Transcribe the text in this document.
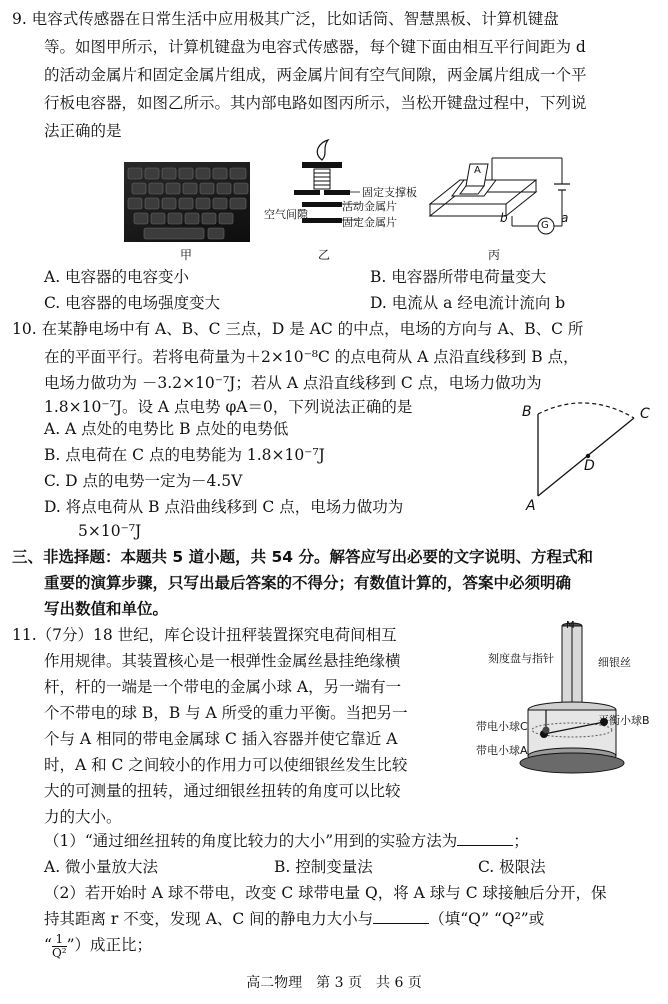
9. 电容式传感器在日常生活中应用极其广泛，比如话筒、智慧黑板、计算机键盘
等。如图甲所示，计算机键盘为电容式传感器，每个键下面由相互平行间距为 d
的活动金属片和固定金属片组成，两金属片间有空气间隙，两金属片组成一个平
行板电容器，如图乙所示。其内部电路如图丙所示，当松开键盘过程中，下列说
法正确的是
甲
固定支撑板
空气间隙
活动金属片
固定金属片
乙
A
G
b	a
丙
A. 电容器的电容变小	B. 电容器所带电荷量变大
C. 电容器的电场强度变大	D. 电流从 a 经电流计流向 b
10. 在某静电场中有 A、B、C 三点，D 是 AC 的中点，电场的方向与 A、B、C 所
在的平面平行。若将电荷量为＋2×10⁻⁸C 的点电荷从 A 点沿直线移到 B 点，
电场力做功为 －3.2×10⁻⁷J；若从 A 点沿直线移到 C 点，电场力做功为
1.8×10⁻⁷J。设 A 点电势 φA＝0，下列说法正确的是
A. A 点处的电势比 B 点处的电势低
B. 点电荷在 C 点的电势能为 1.8×10⁻⁷J
C. D 点的电势一定为－4.5V
D. 将点电荷从 B 点沿曲线移到 C 点，电场力做功为
5×10⁻⁷J
B	C
D
A
三、非选择题：本题共 5 道小题，共 54 分。解答应写出必要的文字说明、方程式和
重要的演算步骤，只写出最后答案的不得分；有数值计算的，答案中必须明确
写出数值和单位。
11.（7分）18 世纪，库仑设计扭秤装置探究电荷间相互
作用规律。其装置核心是一根弹性金属丝悬挂绝缘横
杆，杆的一端是一个带电的金属小球 A，另一端有一
个不带电的球 B，B 与 A 所受的重力平衡。当把另一
个与 A 相同的带电金属球 C 插入容器并使它靠近 A
时，A 和 C 之间较小的作用力可以使细银丝发生比较
大的可测量的扭转，通过细银丝扭转的角度可以比较
力的大小。
M
刻度盘与指针	细银丝
带电小球C	平衡小球B
带电小球A
（1）“通过细丝扭转的角度比较力的大小”用到的实验方法为	；
A. 微小量放大法	B. 控制变量法	C. 极限法
（2）若开始时 A 球不带电，改变 C 球带电量 Q，将 A 球与 C 球接触后分开，保
持其距离 r 不变，发现 A、C 间的静电力大小与	（填“Q” “Q²”或
“ $\frac{1}{\text{Q²}}$ ”）成正比；
高二物理　第 3 页　共 6 页
